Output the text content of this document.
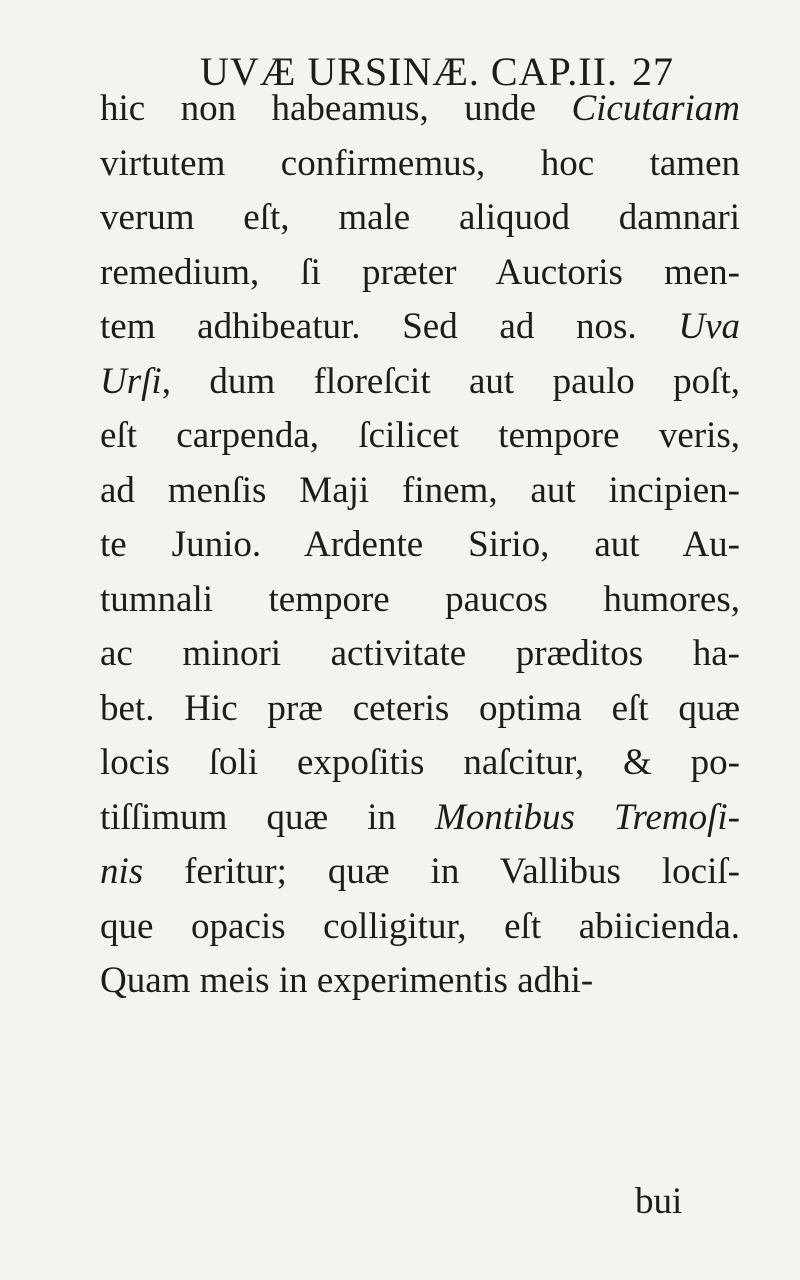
UVÆ URSINÆ. CAP.II. 27
hic non habeamus, unde Cicutariam
virtutem confirmemus, hoc tamen
verum eſt, male aliquod damnari
remedium, ſi præter Auctoris men-
tem adhibeatur. Sed ad nos. Uva
Urſi, dum floreſcit aut paulo poſt,
eſt carpenda, ſcilicet tempore veris,
ad menſis Maji finem, aut incipien-
te Junio. Ardente Sirio, aut Au-
tumnali tempore paucos humores,
ac minori activitate præditos ha-
bet. Hic præ ceteris optima eſt quæ
locis ſoli expoſitis naſcitur, & po-
tiſſimum quæ in Montibus Tremoſi-
nis feritur; quæ in Vallibus lociſ-
que opacis colligitur, eſt abiicienda.
Quam meis in experimentis adhi-
bui
